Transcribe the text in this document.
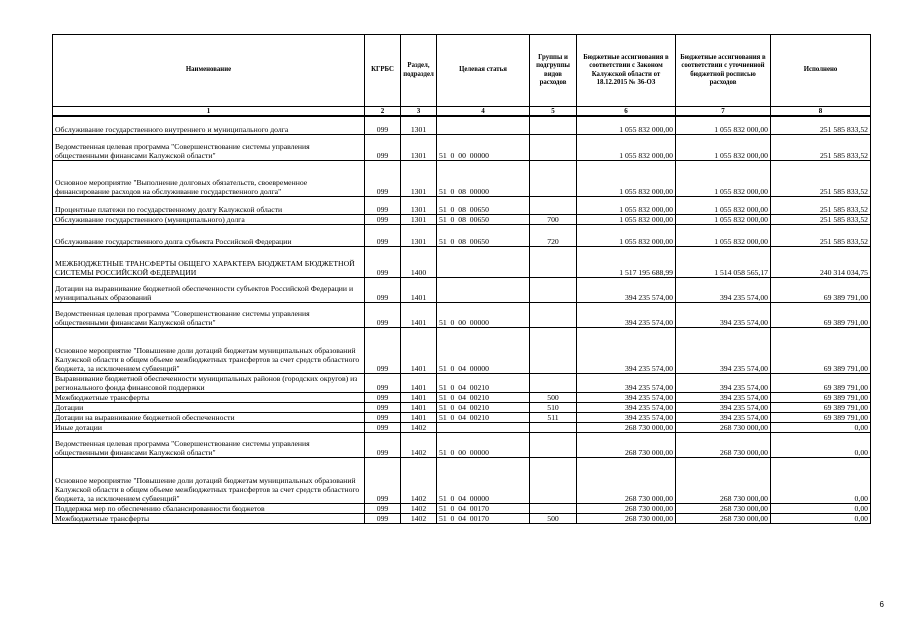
Наименование	КГРБС	Раздел, подраздел	Целевая статья	Группы и подгруппы видов расходов	Бюджетные ассигнования в соответствии с Законом Калужской области от 18.12.2015 № 36-ОЗ	Бюджетные ассигнования в соответствии с уточненной бюджетной росписью расходов	Исполнено
1	2	3	4	5	6	7	8
Обслуживание государственного внутреннего и муниципального долга	099	1301			1 055 832 000,00	1 055 832 000,00	251 585 833,52
Ведомственная целевая программа "Совершенствование системы управления общественными финансами Калужской области"	099	1301	51  0  00  00000		1 055 832 000,00	1 055 832 000,00	251 585 833,52
Основное мероприятие "Выполнение долговых обязательств, своевременное финансирование расходов на обслуживание государственного долга"	099	1301	51  0  08  00000		1 055 832 000,00	1 055 832 000,00	251 585 833,52
Процентные платежи по государственному долгу Калужской области	099	1301	51  0  08  00650		1 055 832 000,00	1 055 832 000,00	251 585 833,52
Обслуживание государственного (муниципального) долга	099	1301	51  0  08  00650	700	1 055 832 000,00	1 055 832 000,00	251 585 833,52
Обслуживание государственного долга субъекта Российской Федерации	099	1301	51  0  08  00650	720	1 055 832 000,00	1 055 832 000,00	251 585 833,52
МЕЖБЮДЖЕТНЫЕ ТРАНСФЕРТЫ ОБЩЕГО ХАРАКТЕРА БЮДЖЕТАМ БЮДЖЕТНОЙ СИСТЕМЫ РОССИЙСКОЙ ФЕДЕРАЦИИ	099	1400			1 517 195 688,99	1 514 058 565,17	240 314 034,75
Дотации на выравнивание бюджетной обеспеченности субъектов Российской Федерации и муниципальных образований	099	1401			394 235 574,00	394 235 574,00	69 389 791,00
Ведомственная целевая программа "Совершенствование системы управления общественными финансами Калужской области"	099	1401	51  0  00  00000		394 235 574,00	394 235 574,00	69 389 791,00
Основное мероприятие "Повышение доли дотаций бюджетам муниципальных образований Калужской области в общем объеме межбюджетных трансфертов за счет средств областного бюджета, за исключением субвенций"	099	1401	51  0  04  00000		394 235 574,00	394 235 574,00	69 389 791,00
Выравнивание бюджетной обеспеченности муниципальных районов (городских округов) из регионального фонда финансовой поддержки	099	1401	51  0  04  00210		394 235 574,00	394 235 574,00	69 389 791,00
Межбюджетные трансферты	099	1401	51  0  04  00210	500	394 235 574,00	394 235 574,00	69 389 791,00
Дотации	099	1401	51  0  04  00210	510	394 235 574,00	394 235 574,00	69 389 791,00
Дотации на выравнивание бюджетной обеспеченности	099	1401	51  0  04  00210	511	394 235 574,00	394 235 574,00	69 389 791,00
Иные дотации	099	1402			268 730 000,00	268 730 000,00	0,00
Ведомственная целевая программа "Совершенствование системы управления общественными финансами Калужской области"	099	1402	51  0  00  00000		268 730 000,00	268 730 000,00	0,00
Основное мероприятие "Повышение доли дотаций бюджетам муниципальных образований Калужской области в общем объеме межбюджетных трансфертов за счет средств областного бюджета, за исключением субвенций"	099	1402	51  0  04  00000		268 730 000,00	268 730 000,00	0,00
Поддержка мер по обеспечению сбалансированности бюджетов	099	1402	51  0  04  00170		268 730 000,00	268 730 000,00	0,00
Межбюджетные трансферты	099	1402	51  0  04  00170	500	268 730 000,00	268 730 000,00	0,00
6
